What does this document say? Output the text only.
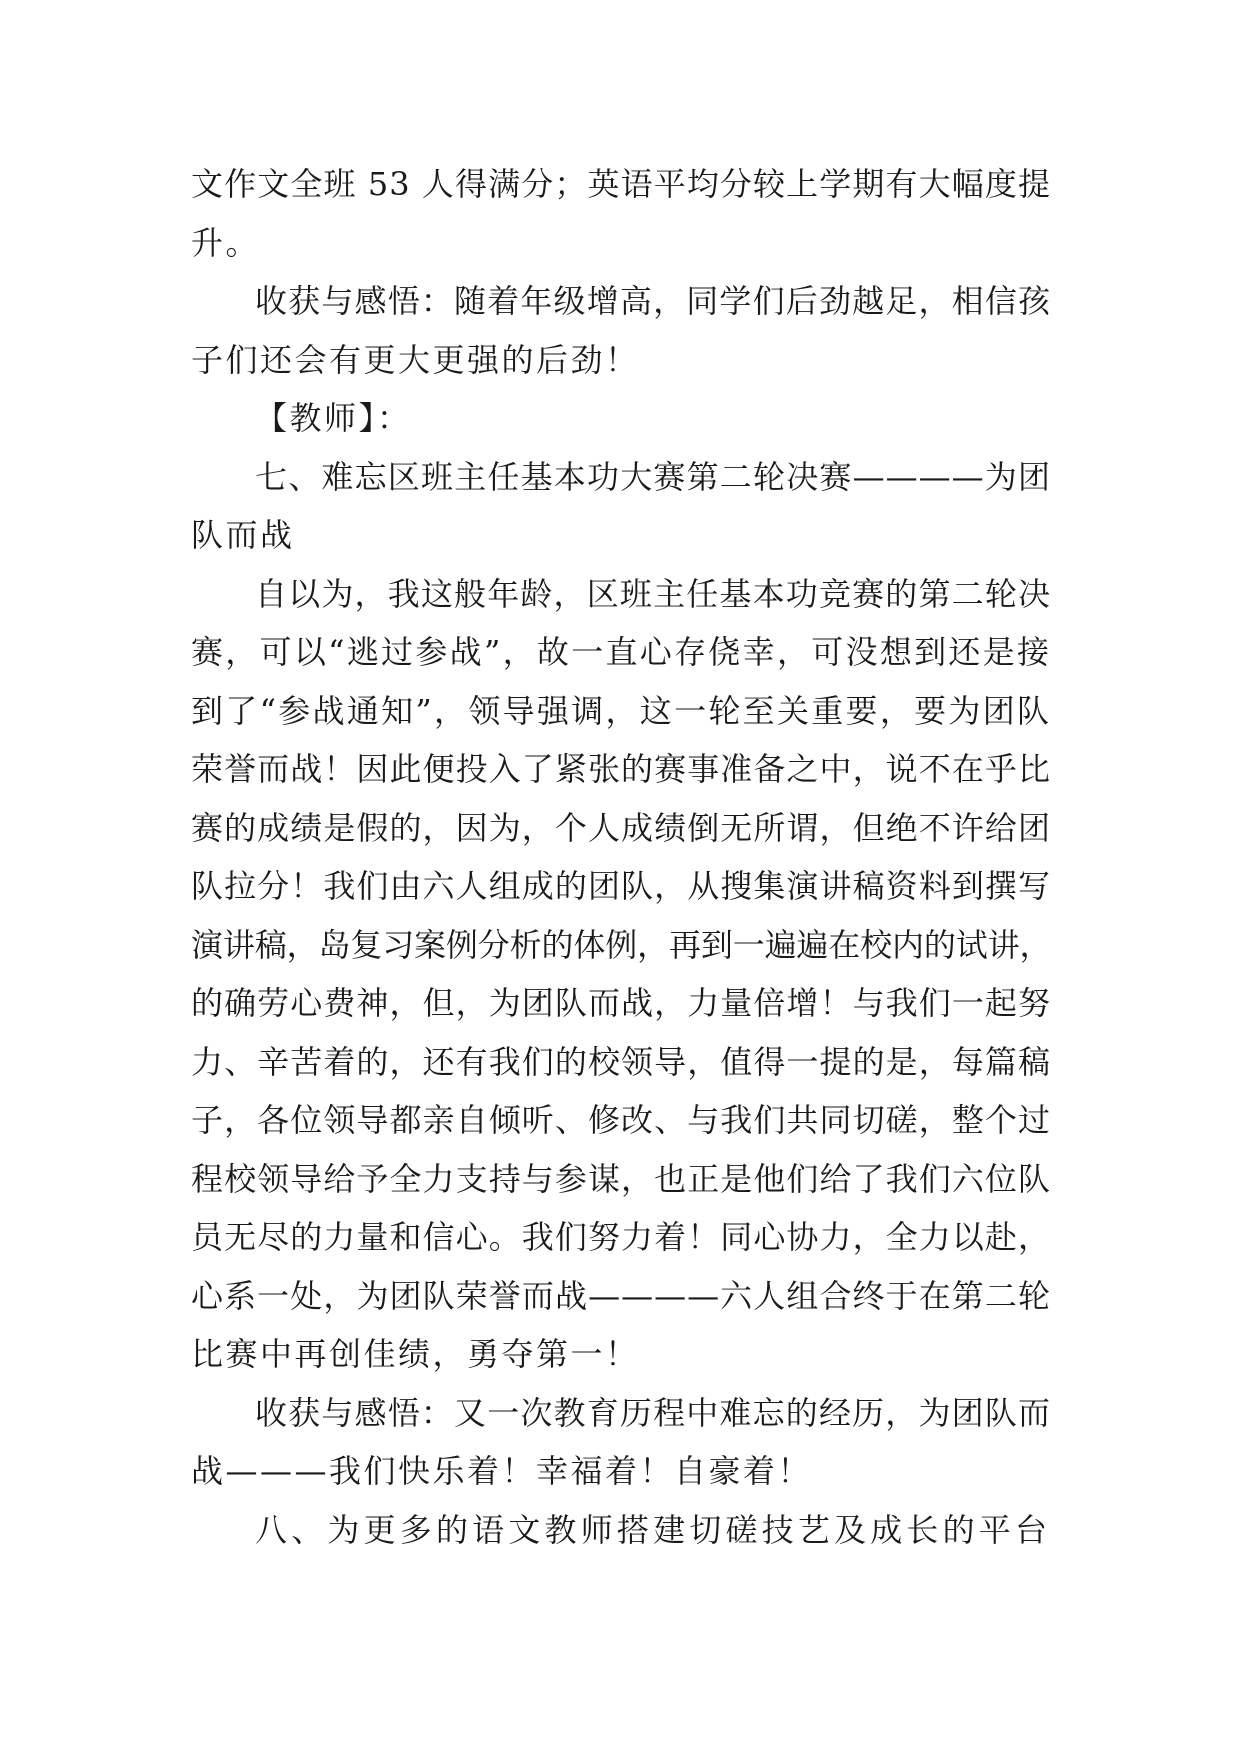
文作文全班 53 人得满分；英语平均分较上学期有大幅度提
升。
收获与感悟：随着年级增高，同学们后劲越足，相信孩
子们还会有更大更强的后劲！
【教师】：
七、难忘区班主任基本功大赛第二轮决赛————为团
队而战
自以为，我这般年龄，区班主任基本功竞赛的第二轮决
赛，可以“逃过参战”，故一直心存侥幸，可没想到还是接
到了“参战通知”，领导强调，这一轮至关重要，要为团队
荣誉而战！因此便投入了紧张的赛事准备之中，说不在乎比
赛的成绩是假的，因为，个人成绩倒无所谓，但绝不许给团
队拉分！我们由六人组成的团队，从搜集演讲稿资料到撰写
演讲稿，岛复习案例分析的体例，再到一遍遍在校内的试讲，
的确劳心费神，但，为团队而战，力量倍增！与我们一起努
力、辛苦着的，还有我们的校领导，值得一提的是，每篇稿
子，各位领导都亲自倾听、修改、与我们共同切磋，整个过
程校领导给予全力支持与参谋，也正是他们给了我们六位队
员无尽的力量和信心。我们努力着！同心协力，全力以赴，
心系一处，为团队荣誉而战————六人组合终于在第二轮
比赛中再创佳绩，勇夺第一！
收获与感悟：又一次教育历程中难忘的经历，为团队而
战———我们快乐着！幸福着！自豪着！
八、为更多的语文教师搭建切磋技艺及成长的平台
